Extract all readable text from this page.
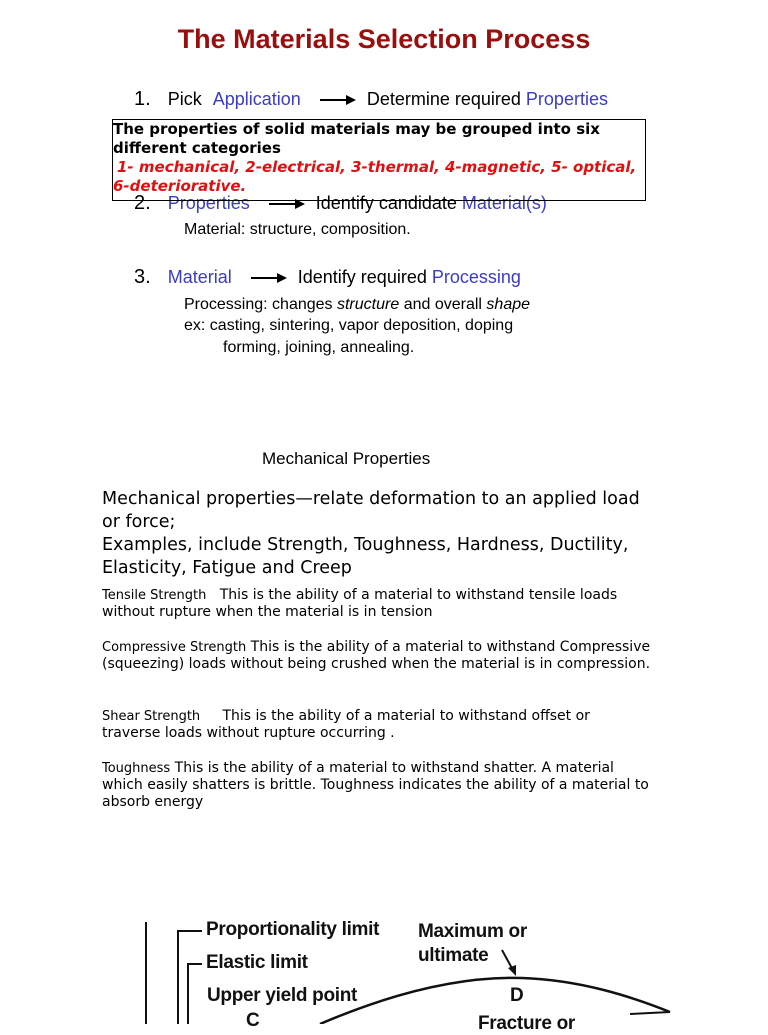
The Materials Selection Process
1. Pick Application	Determine required Properties
2. Properties	Identify candidate Material(s)
Material: structure, composition.
The properties of solid materials may be grouped into six different categories
1- mechanical, 2-electrical, 3-thermal, 4-magnetic, 5- optical, 6-deteriorative.
3. Material	Identify required Processing
Processing: changes structure and overall shape
ex: casting, sintering, vapor deposition, doping
forming, joining, annealing.
Mechanical Properties
Mechanical properties—relate deformation to an applied load or force;
Examples, include Strength, Toughness, Hardness, Ductility, Elasticity, Fatigue and Creep
Tensile Strength This is the ability of a material to withstand tensile loads without rupture when the material is in tension
Compressive Strength This is the ability of a material to withstand Compressive (squeezing) loads without being crushed when the material is in compression.
Shear Strength This is the ability of a material to withstand offset or traverse loads without rupture occurring .
Toughness This is the ability of a material to withstand shatter. A material which easily shatters is brittle. Toughness indicates the ability of a material to absorb energy
Proportionality limit
Elastic limit
Upper yield point
C
Maximum or
ultimate
D
Fracture or
